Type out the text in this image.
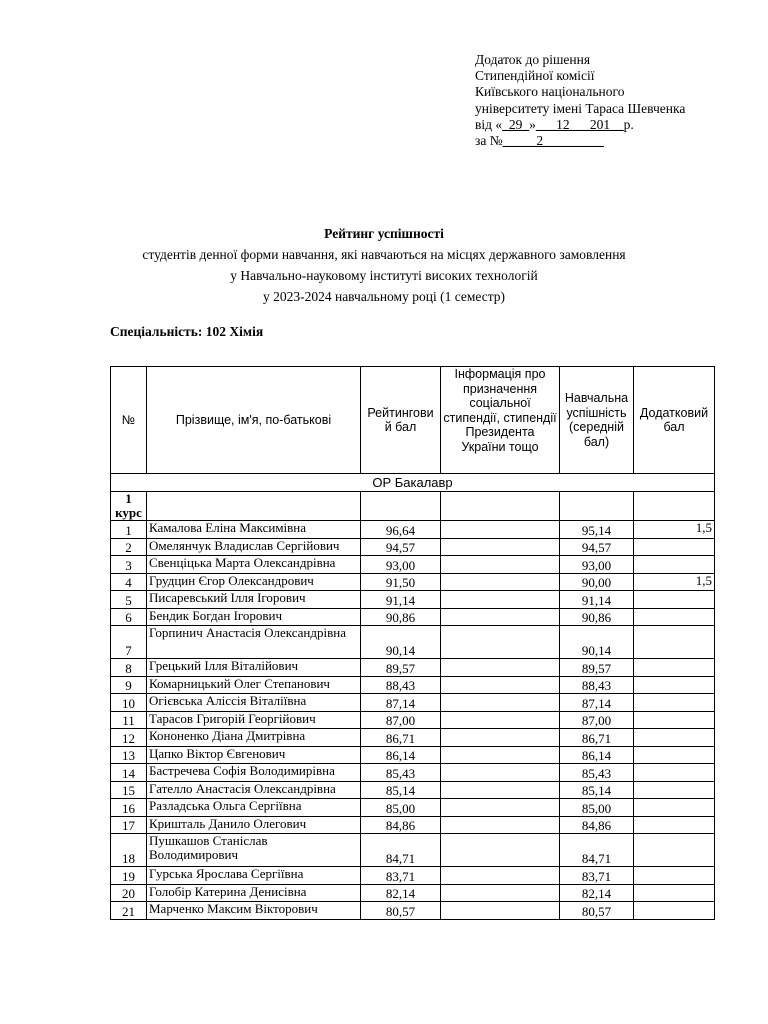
Додаток до рішення
Стипендійної комісії
Київського національного
університету імені Тараса Шевченка
від «_29_»___12___201__р.
за №_____2_________
Рейтинг успішності
студентів денної форми навчання, які навчаються на місцях державного замовлення
у Навчально-науковому інституті високих технологій
у 2023-2024 навчальному році (1 семестр)
Спеціальність: 102 Хімія
№	Прізвище, ім'я, по-батькові	Рейтингови й бал	Інформація про призначення соціальної стипендії, стипендії Президента України тощо	Навчальна успішність (середній бал)	Додатковий бал
ОР Бакалавр					
1 курс					
1	Камалова Еліна Максимівна	96,64		95,14	1,5
2	Омелянчук Владислав Сергійович	94,57		94,57	
3	Свенціцька Марта Олександрівна	93,00		93,00	
4	Грудцин Єгор Олександрович	91,50		90,00	1,5
5	Писаревський Ілля Ігорович	91,14		91,14	
6	Бендик Богдан Ігорович	90,86		90,86	
7	Горпинич Анастасія Олександрівна	90,14		90,14	
8	Грецький Ілля Віталійович	89,57		89,57	
9	Комарницький Олег Степанович	88,43		88,43	
10	Огієвська Аліссія Віталіївна	87,14		87,14	
11	Тарасов Григорій Георгійович	87,00		87,00	
12	Кононенко Діана Дмитрівна	86,71		86,71	
13	Цапко Віктор Євгенович	86,14		86,14	
14	Бастречева Софія Володимирівна	85,43		85,43	
15	Гателло Анастасія Олександрівна	85,14		85,14	
16	Разладська Ольга Сергіївна	85,00		85,00	
17	Кришталь Данило Олегович	84,86		84,86	
18	Пушкашов Станіслав Володимирович	84,71		84,71	
19	Гурська Ярослава Сергіївна	83,71		83,71	
20	Голобір Катерина Денисівна	82,14		82,14	
21	Марченко Максим Вікторович	80,57		80,57	
